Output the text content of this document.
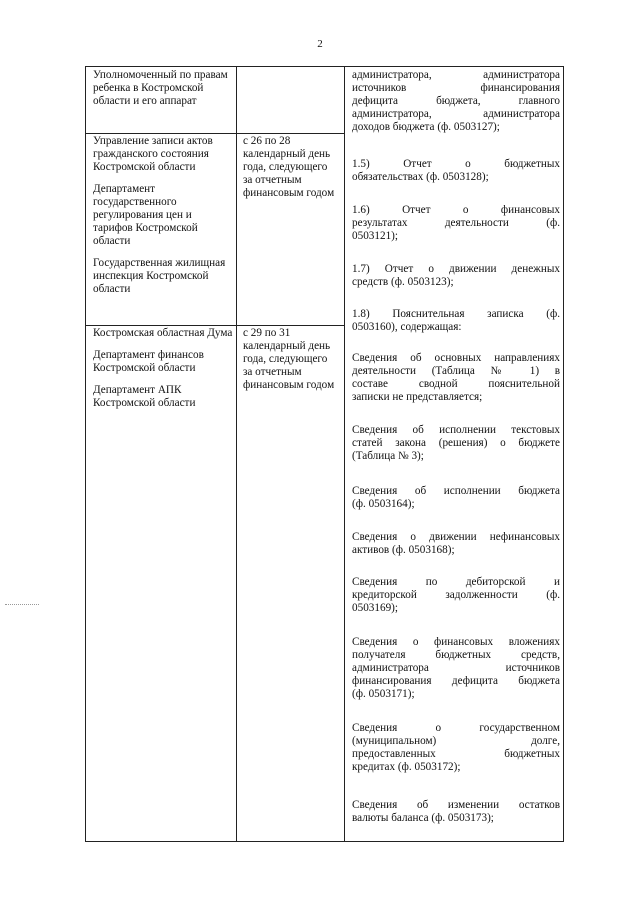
2
Уполномоченный по правам ребенка в Костромской области и его аппарат
Управление записи актов гражданского состояния Костромской области
Департамент государственного регулирования цен и тарифов Костромской области
Государственная жилищная инспекция Костромской области
с 26 по 28 календарный день года, следующего за отчетным финансовым годом
Костромская областная Дума
Департамент финансов Костромской области
Департамент АПК Костромской области
с 29 по 31 календарный день года, следующего за отчетным финансовым годом
администратора, администратора
источников финансирования
дефицита бюджета, главного
администратора, администратора
доходов бюджета (ф. 0503127);
1.5) Отчет о бюджетных
обязательствах (ф. 0503128);
1.6) Отчет о финансовых
результатах деятельности (ф.
0503121);
1.7) Отчет о движении денежных
средств (ф. 0503123);
1.8) Пояснительная записка (ф.
0503160), содержащая:
Сведения об основных направлениях
деятельности (Таблица № 1) в
составе сводной пояснительной
записки не представляется;
Сведения об исполнении текстовых
статей закона (решения) о бюджете
(Таблица № 3);
Сведения об исполнении бюджета
(ф. 0503164);
Сведения о движении нефинансовых
активов (ф. 0503168);
Сведения по дебиторской и
кредиторской задолженности (ф.
0503169);
Сведения о финансовых вложениях
получателя бюджетных средств,
администратора источников
финансирования дефицита бюджета
(ф. 0503171);
Сведения о государственном
(муниципальном) долге,
предоставленных бюджетных
кредитах (ф. 0503172);
Сведения об изменении остатков
валюты баланса (ф. 0503173);
